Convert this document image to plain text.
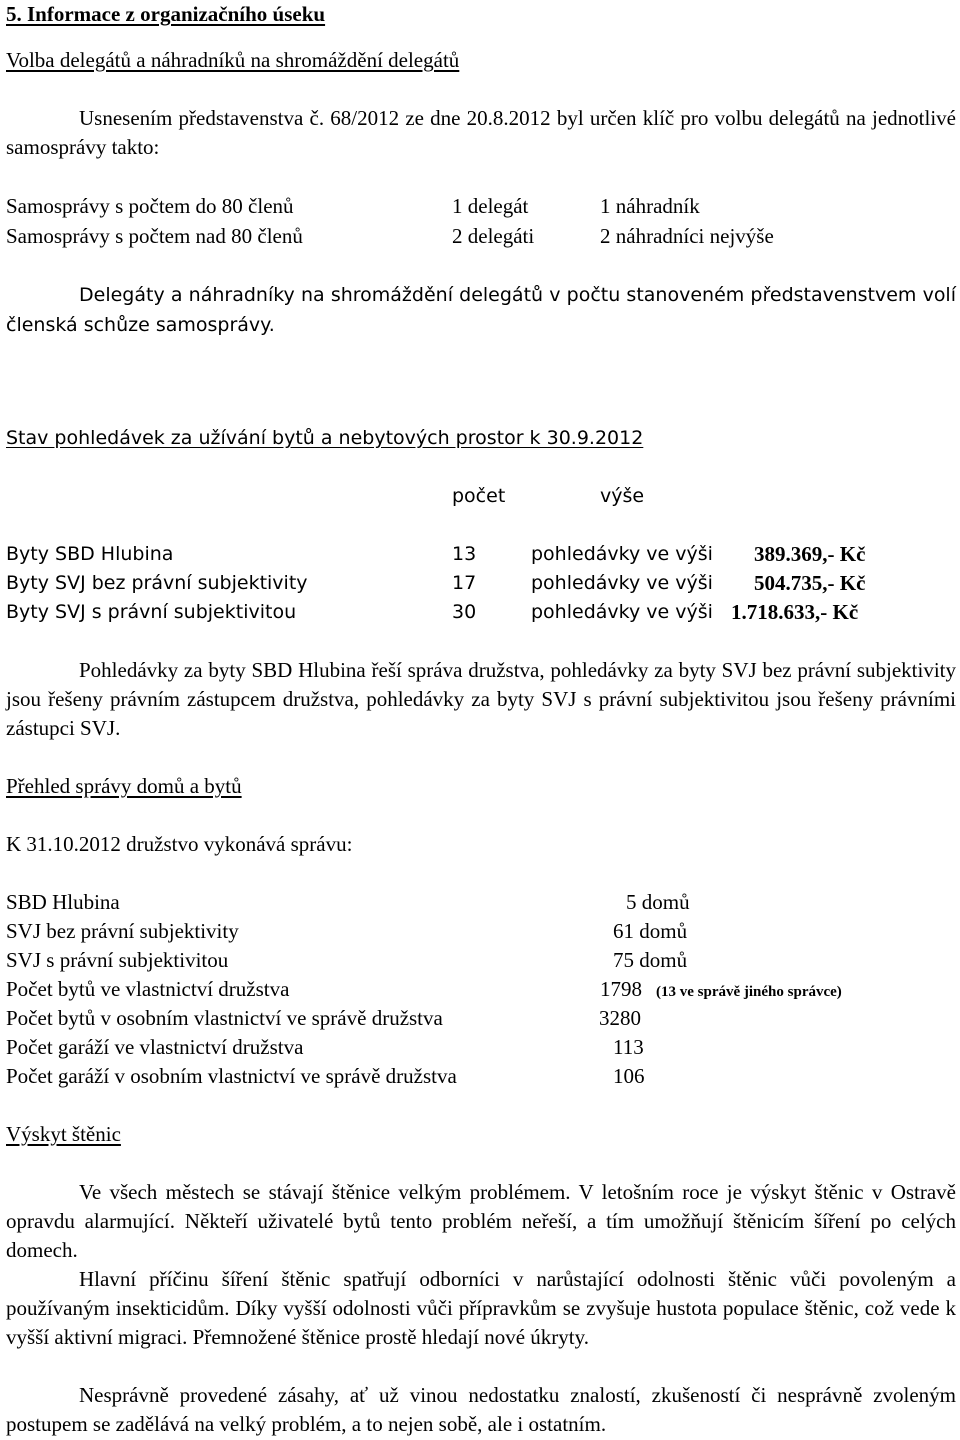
5. Informace z organizačního úseku
Volba delegátů a náhradníků na shromáždění delegátů
Usnesením představenstva č. 68/2012 ze dne 20.8.2012 byl určen klíč pro volbu delegátů na jednotlivé samosprávy takto:
Samosprávy s počtem do 80 členů	1 delegát	1 náhradník
Samosprávy s počtem nad 80 členů	2 delegáti	2 náhradníci nejvýše
Delegáty a náhradníky na shromáždění delegátů v počtu stanoveném představenstvem volí členská schůze samosprávy.
Stav pohledávek za užívání bytů a nebytových prostor k 30.9.2012
počet	výše
Byty SBD Hlubina	13	pohledávky ve výši 389.369,- Kč
Byty SVJ bez právní subjektivity	17	pohledávky ve výši 504.735,- Kč
Byty SVJ s právní subjektivitou	30	pohledávky ve výši 1.718.633,- Kč
Pohledávky za byty SBD Hlubina řeší správa družstva, pohledávky za byty SVJ bez právní subjektivity jsou řešeny právním zástupcem družstva, pohledávky za byty SVJ s právní subjektivitou jsou řešeny právními zástupci SVJ.
Přehled správy domů a bytů
K 31.10.2012 družstvo vykonává správu:
SBD Hlubina	5 domů
SVJ bez právní subjektivity	61 domů
SVJ s právní subjektivitou	75 domů
Počet bytů ve vlastnictví družstva	1798 (13 ve správě jiného správce)
Počet bytů v osobním vlastnictví ve správě družstva	3280
Počet garáží ve vlastnictví družstva	113
Počet garáží v osobním vlastnictví ve správě družstva	106
Výskyt štěnic
Ve všech městech se stávají štěnice velkým problémem. V letošním roce je výskyt štěnic v Ostravě opravdu alarmující. Někteří uživatelé bytů tento problém neřeší, a tím umožňují štěnicím šíření po celých domech.
Hlavní příčinu šíření štěnic spatřují odborníci v narůstající odolnosti štěnic vůči povoleným a používaným insekticidům. Díky vyšší odolnosti vůči přípravkům se zvyšuje hustota populace štěnic, což vede k vyšší aktivní migraci. Přemnožené štěnice prostě hledají nové úkryty.
Nesprávně provedené zásahy, ať už vinou nedostatku znalostí, zkušeností či nesprávně zvoleným postupem se zadělává na velký problém, a to nejen sobě, ale i ostatním.
